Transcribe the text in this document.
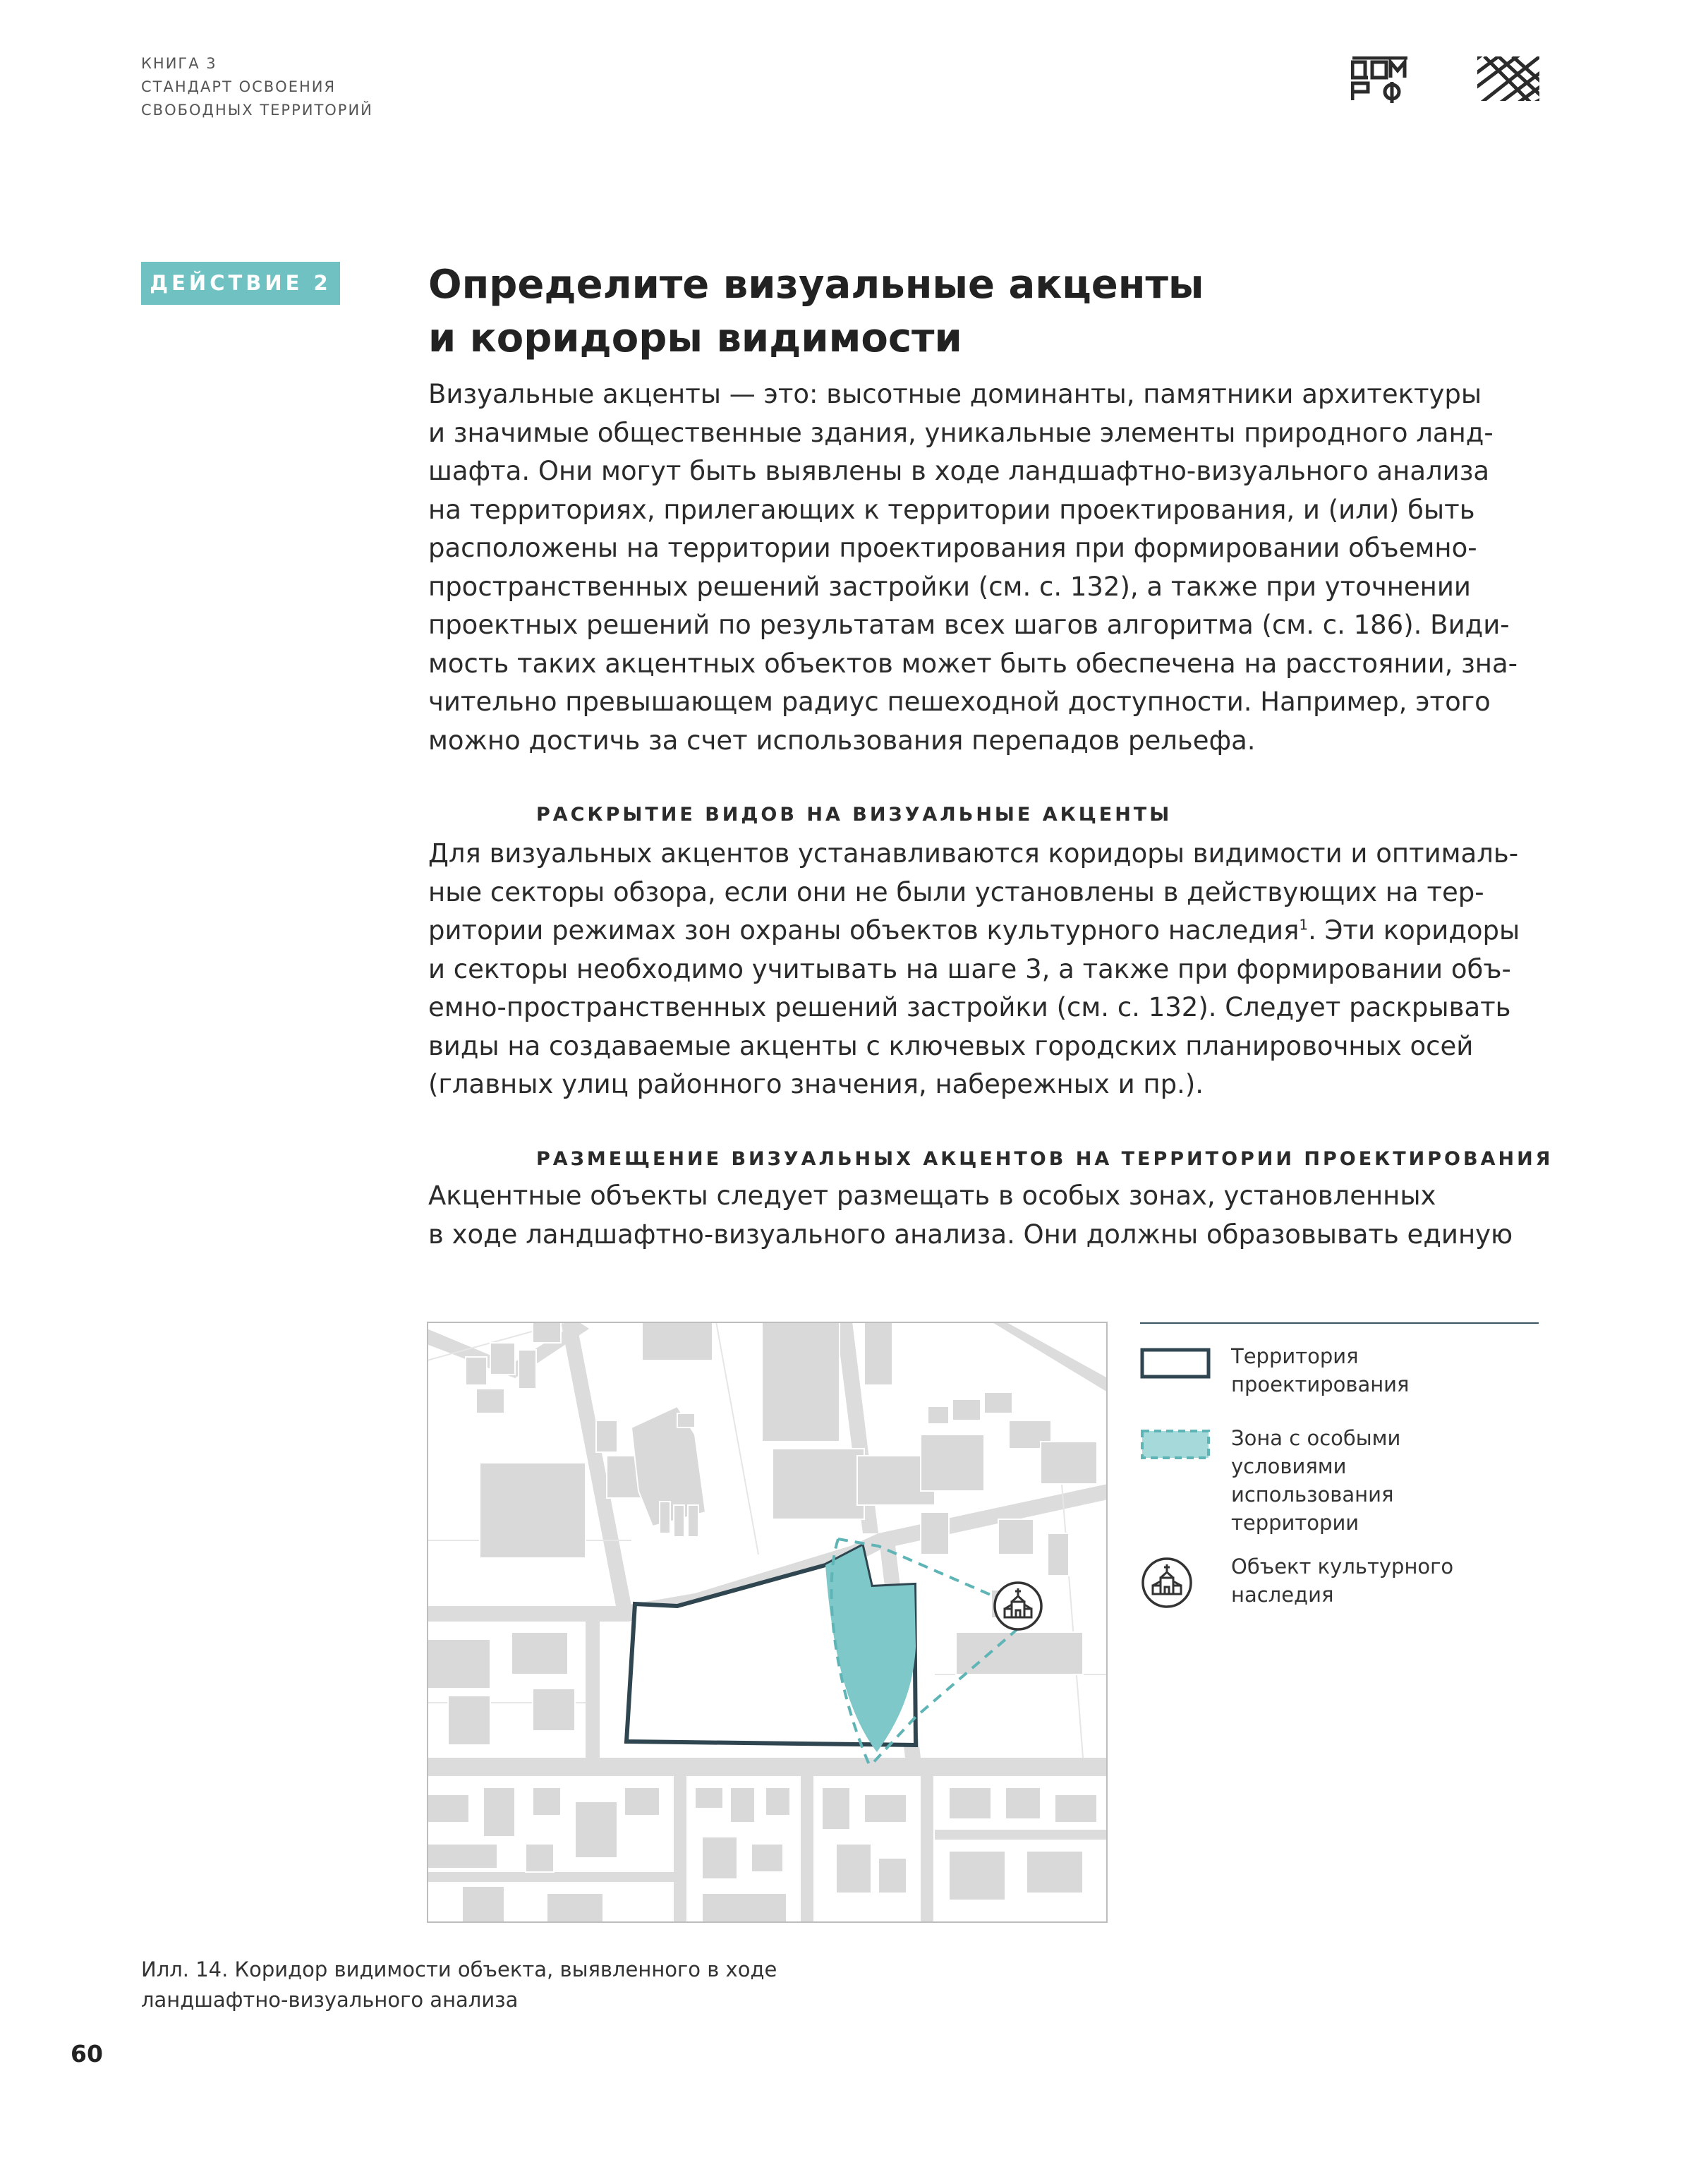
КНИГА 3
СТАНДАРТ ОСВОЕНИЯ
СВОБОДНЫХ ТЕРРИТОРИЙ
ДЕЙСТВИЕ 2 Определите визуальные акценты
и коридоры видимости
Визуальные акценты — это: высотные доминанты, памятники архитектуры
и значимые общественные здания, уникальные элементы природного ланд-
шафта. Они могут быть выявлены в ходе ландшафтно-визуального анализа
на территориях, прилегающих к территории проектирования, и (или) быть
расположены на территории проектирования при формировании объемно-
пространственных решений застройки (см. с. 132), а также при уточнении
проектных решений по результатам всех шагов алгоритма (см. с. 186). Види-
мость таких акцентных объектов может быть обеспечена на расстоянии, зна-
чительно превышающем радиус пешеходной доступности. Например, этого
можно достичь за счет использования перепадов рельефа.
РАСКРЫТИЕ ВИДОВ НА ВИЗУАЛЬНЫЕ АКЦЕНТЫ
Для визуальных акцентов устанавливаются коридоры видимости и оптималь-
ные секторы обзора, если они не были установлены в действующих на тер-
ритории режимах зон охраны объектов культурного наследия$^1$. Эти коридоры
и секторы необходимо учитывать на шаге 3, а также при формировании объ-
емно-пространственных решений застройки (см. с. 132). Следует раскрывать
виды на создаваемые акценты с ключевых городских планировочных осей
(главных улиц районного значения, набережных и пр.).
РАЗМЕЩЕНИЕ ВИЗУАЛЬНЫХ АКЦЕНТОВ НА ТЕРРИТОРИИ ПРОЕКТИРОВАНИЯ
Акцентные объекты следует размещать в особых зонах, установленных
в ходе ландшафтно-визуального анализа. Они должны образовывать единую
Территория
проектирования
Зона с особыми
условиями
использования
территории
Объект культурного
наследия
Илл. 14. Коридор видимости объекта, выявленного в ходе
ландшафтно-визуального анализа
60
